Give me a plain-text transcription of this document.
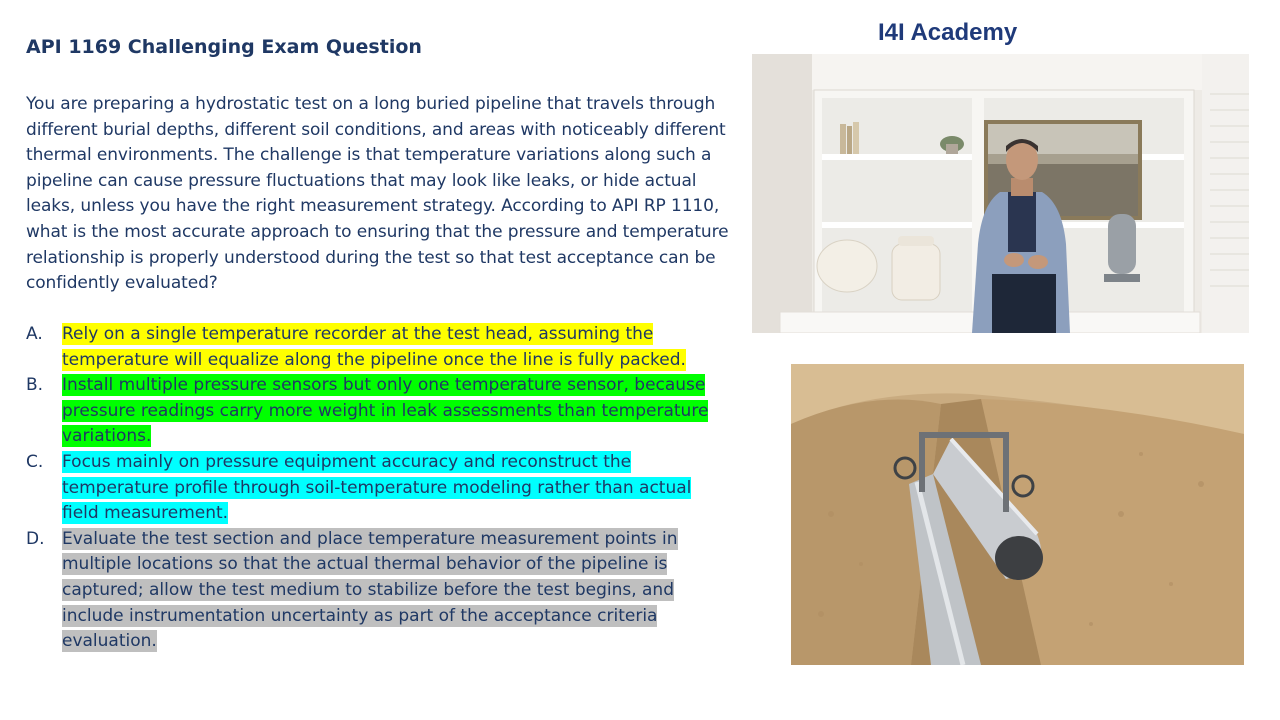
API 1169 Challenging Exam Question
I4I Academy

You are preparing a hydrostatic test on a long buried pipeline that travels through different burial depths, different soil conditions, and areas with noticeably different thermal environments. The challenge is that temperature variations along such a pipeline can cause pressure fluctuations that may look like leaks, or hide actual leaks, unless you have the right measurement strategy. According to API RP 1110, what is the most accurate approach to ensuring that the pressure and temperature relationship is properly understood during the test so that test acceptance can be confidently evaluated?

A. Rely on a single temperature recorder at the test head, assuming the temperature will equalize along the pipeline once the line is fully packed.
B. Install multiple pressure sensors but only one temperature sensor, because pressure readings carry more weight in leak assessments than temperature variations.
C. Focus mainly on pressure equipment accuracy and reconstruct the temperature profile through soil-temperature modeling rather than actual field measurement.
D. Evaluate the test section and place temperature measurement points in multiple locations so that the actual thermal behavior of the pipeline is captured; allow the test medium to stabilize before the test begins, and include instrumentation uncertainty as part of the acceptance criteria evaluation.
